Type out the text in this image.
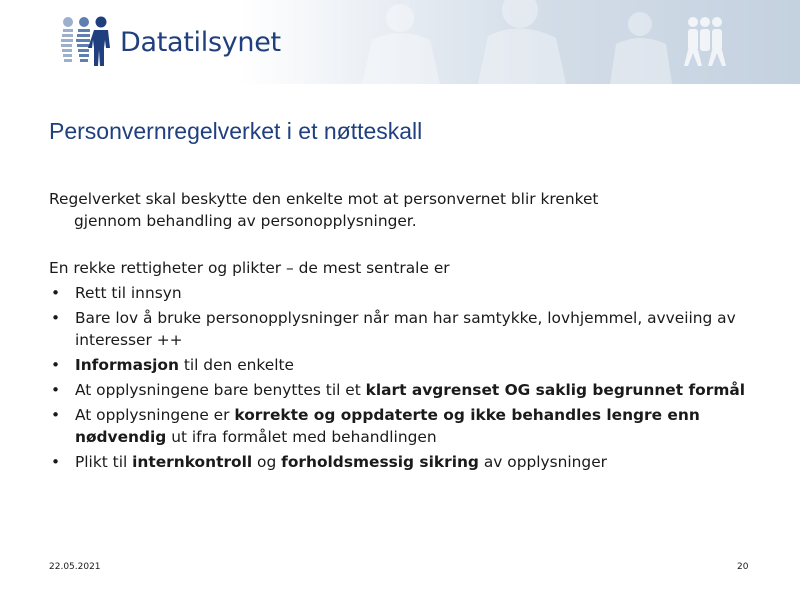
Datatilsynet
Personvernregelverket i et nøtteskall
Regelverket skal beskytte den enkelte mot at personvernet blir krenket
gjennom behandling av personopplysninger.
En rekke rettigheter og plikter – de mest sentrale er
• Rett til innsyn
• Bare lov å bruke personopplysninger når man har samtykke, lovhjemmel, avveiing av interesser ++
• Informasjon til den enkelte
• At opplysningene bare benyttes til et klart avgrenset OG saklig begrunnet formål
• At opplysningene er korrekte og oppdaterte og ikke behandles lengre enn nødvendig ut ifra formålet med behandlingen
• Plikt til internkontroll og forholdsmessig sikring av opplysninger
22.05.2021	20
